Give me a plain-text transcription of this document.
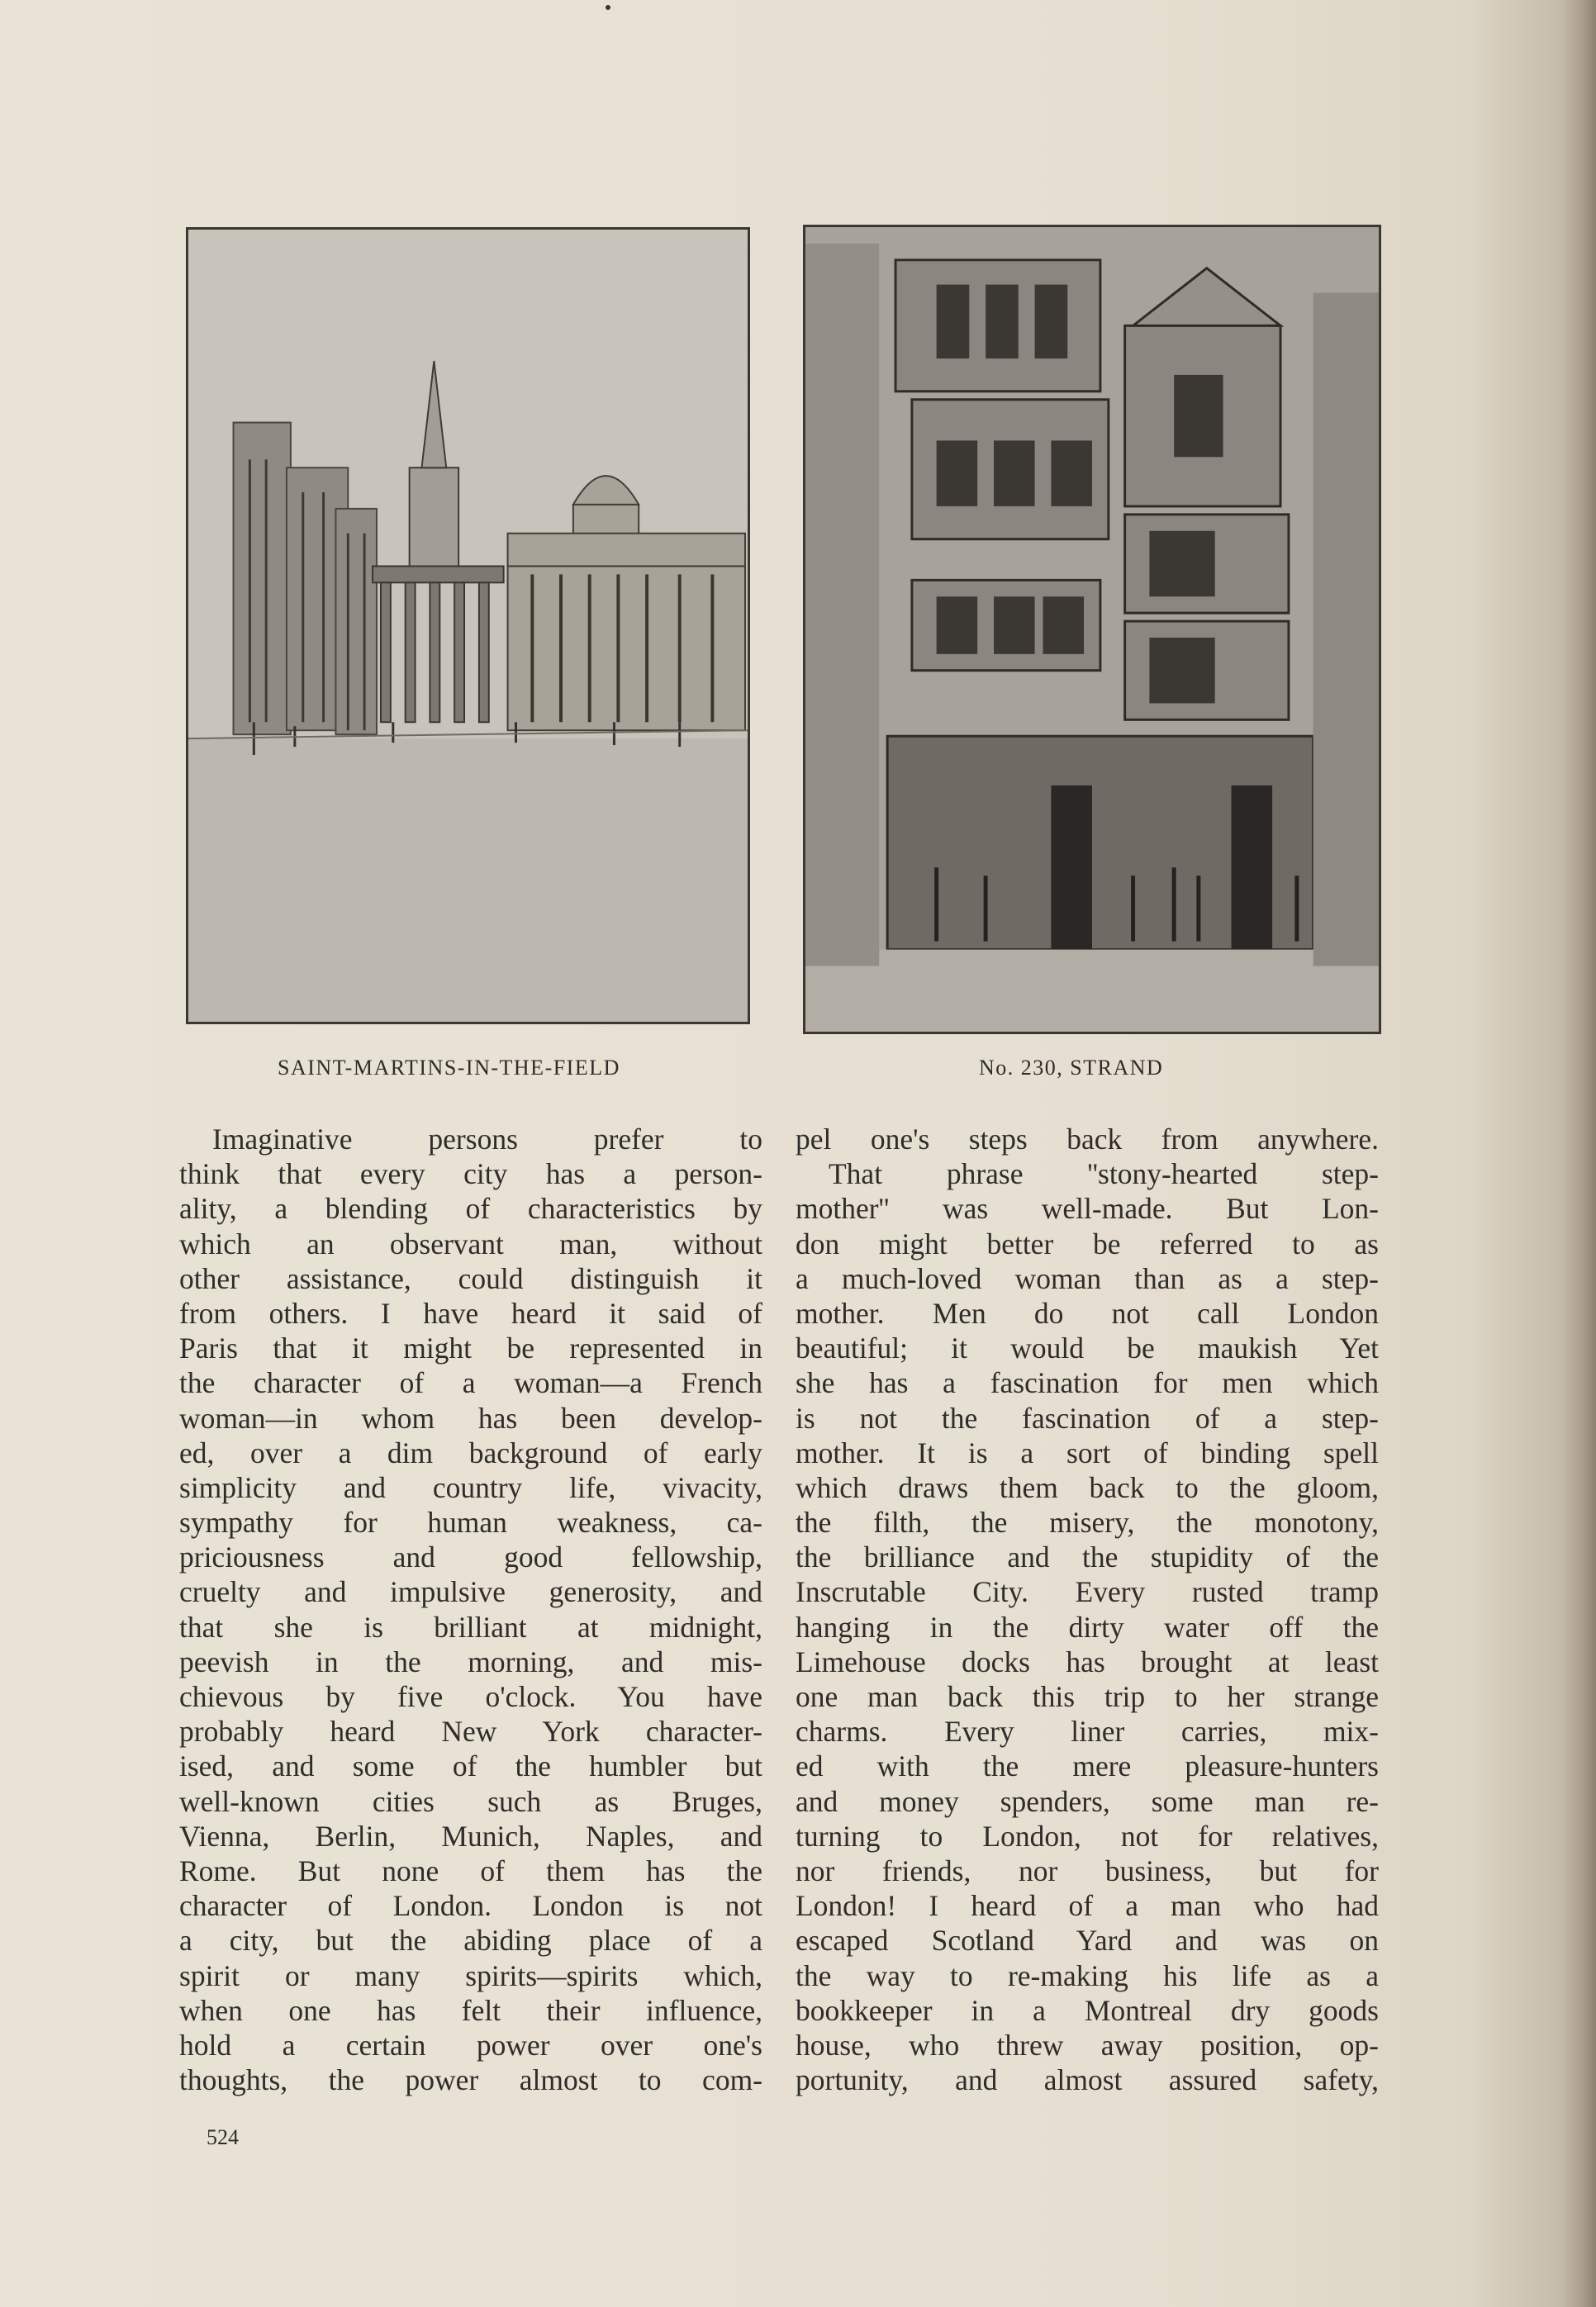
SAINT-MARTINS-IN-THE-FIELD	No. 230, STRAND
Imaginative persons prefer to
think that every city has a person-
ality, a blending of characteristics by
which an observant man, without
other assistance, could distinguish it
from others. I have heard it said of
Paris that it might be represented in
the character of a woman—a French
woman—in whom has been develop-
ed, over a dim background of early
simplicity and country life, vivacity,
sympathy for human weakness, ca-
priciousness and good fellowship,
cruelty and impulsive generosity, and
that she is brilliant at midnight,
peevish in the morning, and mis-
chievous by five o'clock. You have
probably heard New York character-
ised, and some of the humbler but
well-known cities such as Bruges,
Vienna, Berlin, Munich, Naples, and
Rome. But none of them has the
character of London. London is not
a city, but the abiding place of a
spirit or many spirits—spirits which,
when one has felt their influence,
hold a certain power over one's
thoughts, the power almost to com-
pel one's steps back from anywhere.
That phrase ''stony-hearted step-
mother'' was well-made. But Lon-
don might better be referred to as
a much-loved woman than as a step-
mother. Men do not call London
beautiful; it would be maukish Yet
she has a fascination for men which
is not the fascination of a step-
mother. It is a sort of binding spell
which draws them back to the gloom,
the filth, the misery, the monotony,
the brilliance and the stupidity of the
Inscrutable City. Every rusted tramp
hanging in the dirty water off the
Limehouse docks has brought at least
one man back this trip to her strange
charms. Every liner carries, mix-
ed with the mere pleasure-hunters
and money spenders, some man re-
turning to London, not for relatives,
nor friends, nor business, but for
London! I heard of a man who had
escaped Scotland Yard and was on
the way to re-making his life as a
bookkeeper in a Montreal dry goods
house, who threw away position, op-
portunity, and almost assured safety,
524
